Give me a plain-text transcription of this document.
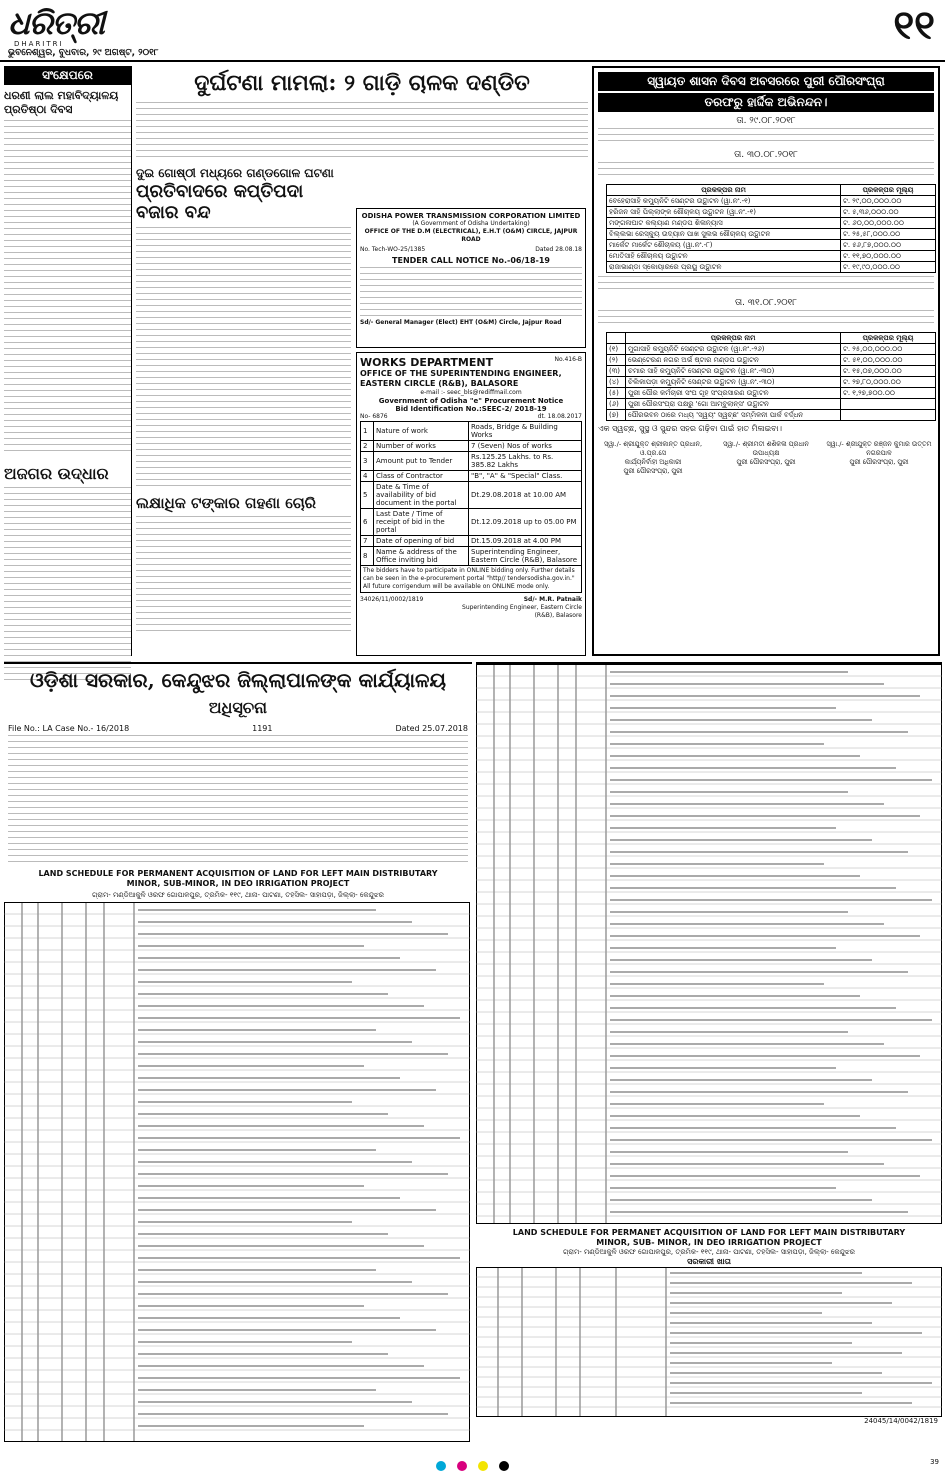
ଧରିତ୍ରୀ
DHARITRI
ଭୁବନେଶ୍ୱର, ବୁଧବାର, ୨୯ ଅଗଷ୍ଟ, ୨୦୧୮
୧୧
ସଂକ୍ଷେପରେ
ଧରଣୀ ଲାଲ ମହାବିଦ୍ୟାଳୟ ପ୍ରତିଷ୍ଠା ଦିବସ
ଅଜଗର ଉଦ୍ଧାର
ଦୁର୍ଘଟଣା ମାମଲା: ୨ ଗାଡ଼ି ଚାଳକ ଦଣ୍ଡିତ
ଦୁଇ ଗୋଷ୍ଠୀ ମଧ୍ୟରେ ଗଣ୍ଡଗୋଳ ଘଟଣା
ପ୍ରତିବାଦରେ କପ୍ତିପଦା ବଜାର ବନ୍ଦ
ଲକ୍ଷାଧିକ ଟଙ୍କାର ଗହଣା ଚୋରି
ODISHA POWER TRANSMISSION CORPORATION LIMITED
(A Government of Odisha Undertaking)
OFFICE OF THE D.M (ELECTRICAL), E.H.T (O&M) CIRCLE, JAJPUR ROAD
No. Tech-WO-25/1385	Dated 28.08.18
TENDER CALL NOTICE No.-06/18-19
Sd/- General Manager (Elect) EHT (O&M) Circle, Jajpur Road
WORKS DEPARTMENT	No.416-B
OFFICE OF THE SUPERINTENDING ENGINEER, EASTERN CIRCLE (R&B), BALASORE
e-mail :- seec_bls@rediffmail.com
Government of Odisha "e" Procurement Notice
Bid Identification No.:SEEC-2/ 2018-19
No- 6876	dt. 18.08.2017
1	Nature of work	Roads, Bridge & Building Works
2	Number of works	7 (Seven) Nos of works
3	Amount put to Tender	Rs.125.25 Lakhs. to Rs. 385.82 Lakhs
4	Class of Contractor	"B", "A" & "Special" Class.
5	Date & Time of availability of bid document in the portal	Dt.29.08.2018 at 10.00 AM
6	Last Date / Time of receipt of bid in the portal	Dt.12.09.2018 up to 05.00 PM
7	Date of opening of bid	Dt.15.09.2018 at 4.00 PM
8	Name & address of the Office inviting bid	Superintending Engineer, Eastern Circle (R&B), Balasore
The bidders have to participate in ONLINE bidding only. Further details can be seen in the e-procurement portal "http// tendersodisha.gov.in." All future corrigendum will be available on ONLINE mode only.
34026/11/0002/1819	Sd/- M.R. Patnaik
Superintending Engineer, Eastern Circle (R&B), Balasore
ସ୍ୱାୟତ ଶାସନ ଦିବସ ଅବସରରେ ପୁରୀ ପୌରସଂଘ୍ରା
ତରଫରୁ ହାର୍ଦ୍ଦିକ ଅଭିନନ୍ଦନ।
ତା. ୨୯.୦୮.୨୦୧୮
ତା. ୩୦.୦୮.୨୦୧୮
ପ୍ରକଳ୍ପର ନାମ	ପ୍ରକଳ୍ପର ମୂଲ୍ୟ
ବେହେରାସାହି କମ୍ୟୁନିଟି ସେଣ୍ଟର ଉଦ୍ଘାଟନ (ୱା.ନଂ.-୧)	ଟ. ୨୯,୦୦,୦୦୦.୦୦
ହରିଜନ ସାହି ପିଲ୍ଲାଙ୍କ ଶୌଚାଳୟ ଉଦ୍ଘାଟନ (ୱା.ନଂ.-୧)	ଟ. ୫,୩୬,୦୦୦.୦୦
ମଙ୍ଗଳାଘାଟ କଲ୍ୟାଣ ମଣ୍ଡପ ଶିଳାନ୍ୟାସ	ଟ. ୬୦,୦୦,୦୦୦.୦୦
ବିଲ୍ଲଭା ରେସ୍କ୍ୟୁ ଉଦ୍ୟାନ ପାଖ ସୁଲଭ ଶୌଚାଳୟ ଉଦ୍ଘାଟନ	ଟ. ୨୫,୫୮,୦୦୦.୦୦
ମାର୍କେଟ ମାର୍କେଟ ଶୌଚାଳୟ (ୱା.ନଂ.-୮)	ଟ. ୫୬,୮୭,୦୦୦.୦୦
ମୋତିସାହି ଶୌଚାଳୟ ଉଦ୍ଘାଟନ	ଟ. ୧୧,୭୦,୦୦୦.୦୦
ରାଜାଭାଣ୍ଡା ସ୍କୋୟାରରେ ପ୍ରୟୁ ଉଦ୍ଘାଟନ	ଟ. ୧୯,୯୦,୦୦୦.୦୦
ତା. ୩୧.୦୮.୨୦୧୮
	ପ୍ରକଳ୍ପର ନାମ	ପ୍ରକଳ୍ପର ମୂଲ୍ୟ
(୧)	ମୁଗାସାହି କମ୍ୟୁନିଟି ସେଣ୍ଟର ଉଦ୍ଘାଟନ (ୱା.ନଂ.-୨୬)	ଟ. ୨୫,୦୦,୦୦୦.୦୦
(୨)	ଭେଣ୍ଟେରଣ ନଗର ଅର୍ଭ ଷ୍ଟାର ମଣ୍ଡପ ଉଦ୍ଘାଟନ	ଟ. ୫୧,୦୦,୦୦୦.୦୦
(୩)	ଚମାର ସାହି କମ୍ୟୁନିଟି ସେଣ୍ଟର ଉଦ୍ଘାଟନ (ୱା.ନଂ.-୩୦)	ଟ. ୧୫,୦୭,୦୦୦.୦୦
(୪)	ଚିଲିକାପଡ଼ା କମ୍ୟୁନିଟି ସେଣ୍ଟର ଉଦ୍ଘାଟନ (ୱା.ନଂ.-୩୦)	ଟ. ୨୭,୮୦,୦୦୦.୦୦
(୫)	ପୁରୀ ପୌର କର୍ମଚାରୀ ସଂଘ ଗୃହ ସଂପ୍ରସାରଣ ଉଦ୍ଘାଟନ	ଟ. ୧,୨୭,୭୦୦.୦୦
(୬)	ପୁରୀ ପୌରସଂଘ୍ରା ପକ୍ଷରୁ 'ଗୋ ଆମ୍ବୁଲାନ୍ସ' ଉଦ୍ଘାଟନ	
(୭)	ପୌରଭବନ ଠାରେ ମଧ୍ୟ 'ସ୍ୱୟଂ ସ୍ୱଚ୍ଛ' ସମ୍ମିଳନୀ ପାର୍କ ବର୍ଦ୍ଧନ	
ଏକ ସ୍ୱଚ୍ଛ, ସୁସ୍ଥ ଓ ସୁନ୍ଦର ସହର ଗଢ଼ିବା ପାଇଁ ହାତ ମିଳାଇବା।
ସ୍ୱା./- ଶ୍ରୀଯୁକ୍ତ ଶ୍ରୀକାନ୍ତ ପ୍ରଧାନ, ଓ.ପ୍ର.ସେ
କାର୍ଯ୍ୟନିର୍ବାହୀ ଅଧିକାରୀ
ପୁରୀ ପୌରସଂଘ୍ରା, ପୁରୀ
ସ୍ୱା./- ଶ୍ରୀମତୀ ଶଶିକଳା ପ୍ରଧାନ
ଉପାଧ୍ୟକ୍ଷ
ପୁରୀ ପୌରସଂଘ୍ରା, ପୁରୀ
ସ୍ୱା./- ଶ୍ରୀଯୁକ୍ତ ରଞ୍ଜନ କୁମାର ଉତ୍ତମ
ନଗରପାଳ
ପୁରୀ ପୌରସଂଘ୍ରା, ପୁରୀ
ଓଡ଼ିଶା ସରକାର, କେନ୍ଦୁଝର ଜିଲ୍ଲାପାଳଙ୍କ କାର୍ଯ୍ୟାଳୟ
ଅଧିସୂଚନା
File No.: LA Case No.- 16/2018	1191	Dated 25.07.2018
LAND SCHEDULE FOR PERMANENT ACQUISITION OF LAND FOR LEFT MAIN DISTRIBUTARY MINOR, SUB-MINOR, IN DEO IRRIGATION PROJECT
ଗ୍ରାମ- ମଣ୍ଡିଆକୁଳି ଓରଫ ଗୋପାଳପୁର, ତ୍ରମିକ- ୧୧୯, ଥାନା- ପାଟଣା, ତହସିଲ- ସାହାପଡ଼ା, ଜିଲ୍ଲା- କେନ୍ଦୁଝର
LAND SCHEDULE FOR PERMANET ACQUISITION OF LAND FOR LEFT MAIN DISTRIBUTARY MINOR, SUB- MINOR, IN DEO IRRIGATION PROJECT
ଗ୍ରାମ- ମଣ୍ଡିଆକୁଳି ଓରଫ ଗୋପାଳପୁର, ତ୍ରମିକ- ୧୧୯, ଥାନା- ପାଟଣା, ତହସିଲ- ସାହାପଡ଼ା, ଜିଲ୍ଲା- କେନ୍ଦୁଝର
ସରକାରୀ ଖାତା
24045/14/0042/1819

39
